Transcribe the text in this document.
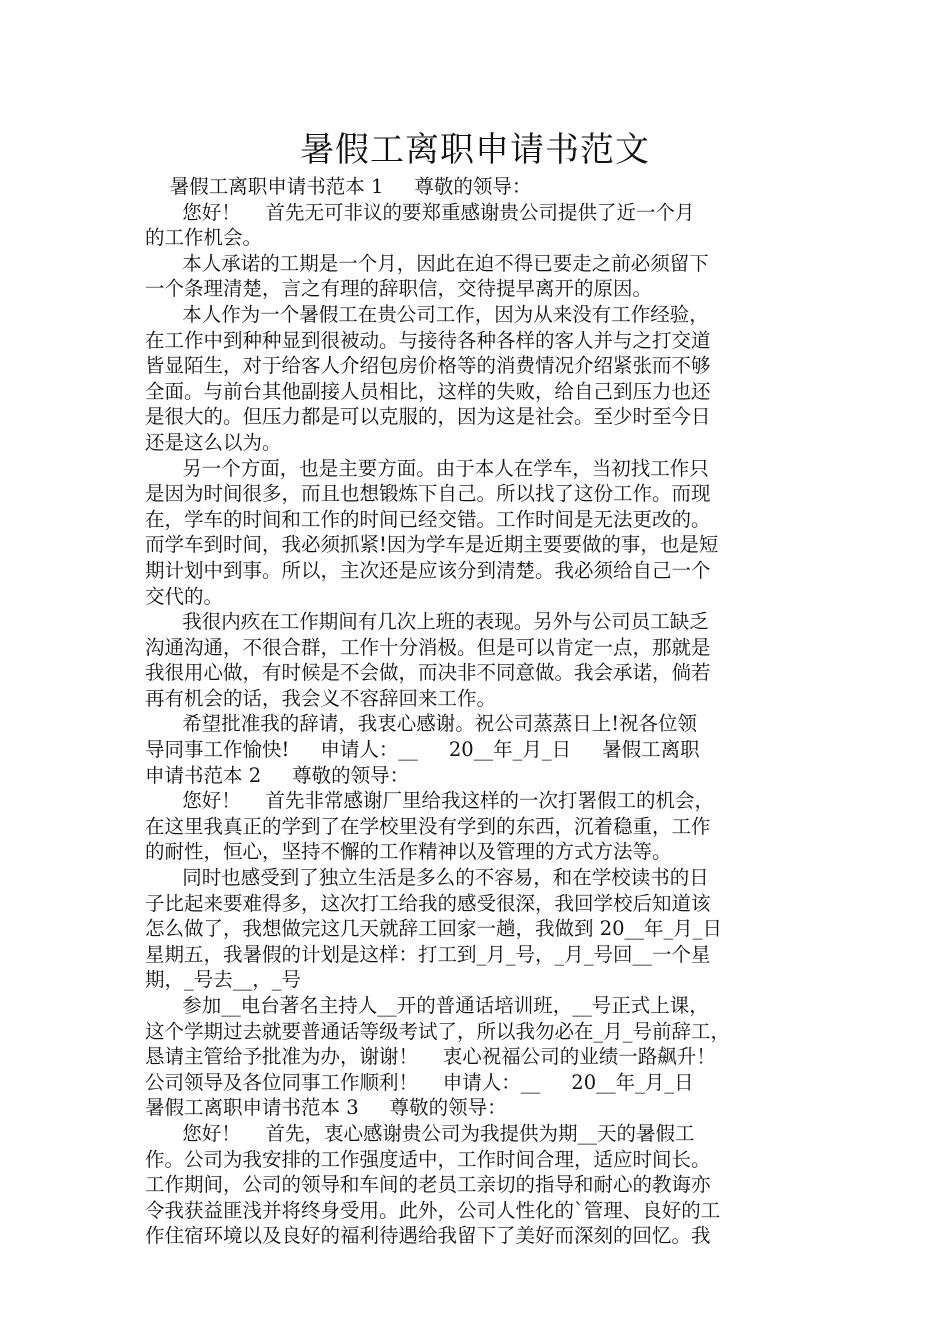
暑假工离职申请书范文
暑假工离职申请书范本 1     尊敬的领导：
您好！    首先无可非议的要郑重感谢贵公司提供了近一个月
的工作机会。
本人承诺的工期是一个月，因此在迫不得已要走之前必须留下
一个条理清楚，言之有理的辞职信，交待提早离开的原因。
本人作为一个暑假工在贵公司工作，因为从来没有工作经验，
在工作中到种种显到很被动。与接待各种各样的客人并与之打交道
皆显陌生，对于给客人介绍包房价格等的消费情况介绍紧张而不够
全面。与前台其他副接人员相比，这样的失败，给自己到压力也还
是很大的。但压力都是可以克服的，因为这是社会。至少时至今日
还是这么以为。
另一个方面，也是主要方面。由于本人在学车，当初找工作只
是因为时间很多，而且也想锻炼下自己。所以找了这份工作。而现
在，学车的时间和工作的时间已经交错。工作时间是无法更改的。
而学车到时间，我必须抓紧!因为学车是近期主要要做的事，也是短
期计划中到事。所以，主次还是应该分到清楚。我必须给自己一个
交代的。
我很内疚在工作期间有几次上班的表现。另外与公司员工缺乏
沟通沟通，不很合群，工作十分消极。但是可以肯定一点，那就是
我很用心做，有时候是不会做，而决非不同意做。我会承诺，倘若
再有机会的话，我会义不容辞回来工作。
希望批准我的辞请，我衷心感谢。祝公司蒸蒸日上!祝各位领
导同事工作愉快!     申请人：__     20__年_月_日     暑假工离职
申请书范本 2     尊敬的领导：
您好！    首先非常感谢厂里给我这样的一次打署假工的机会，
在这里我真正的学到了在学校里没有学到的东西，沉着稳重，工作
的耐性，恒心，坚持不懈的工作精神以及管理的方式方法等。
同时也感受到了独立生活是多么的不容易，和在学校读书的日
子比起来要难得多，这次打工给我的感受很深，我回学校后知道该
怎么做了，我想做完这几天就辞工回家一趟，我做到 20__年_月_日
星期五，我暑假的计划是这样：打工到_月_号，_月_号回__一个星
期，_号去__，_号
参加__电台著名主持人__开的普通话培训班，__号正式上课，
这个学期过去就要普通话等级考试了，所以我勿必在_月_号前辞工，
恳请主管给予批准为办，谢谢！    衷心祝福公司的业绩一路飙升！
公司领导及各位同事工作顺利！    申请人：__     20__年_月_日
暑假工离职申请书范本 3     尊敬的领导：
您好！    首先，衷心感谢贵公司为我提供为期__天的暑假工
作。公司为我安排的工作强度适中，工作时间合理，适应时间长。
工作期间，公司的领导和车间的老员工亲切的指导和耐心的教诲亦
令我获益匪浅并将终身受用。此外，公司人性化的`管理、良好的工
作住宿环境以及良好的福利待遇给我留下了美好而深刻的回忆。我
